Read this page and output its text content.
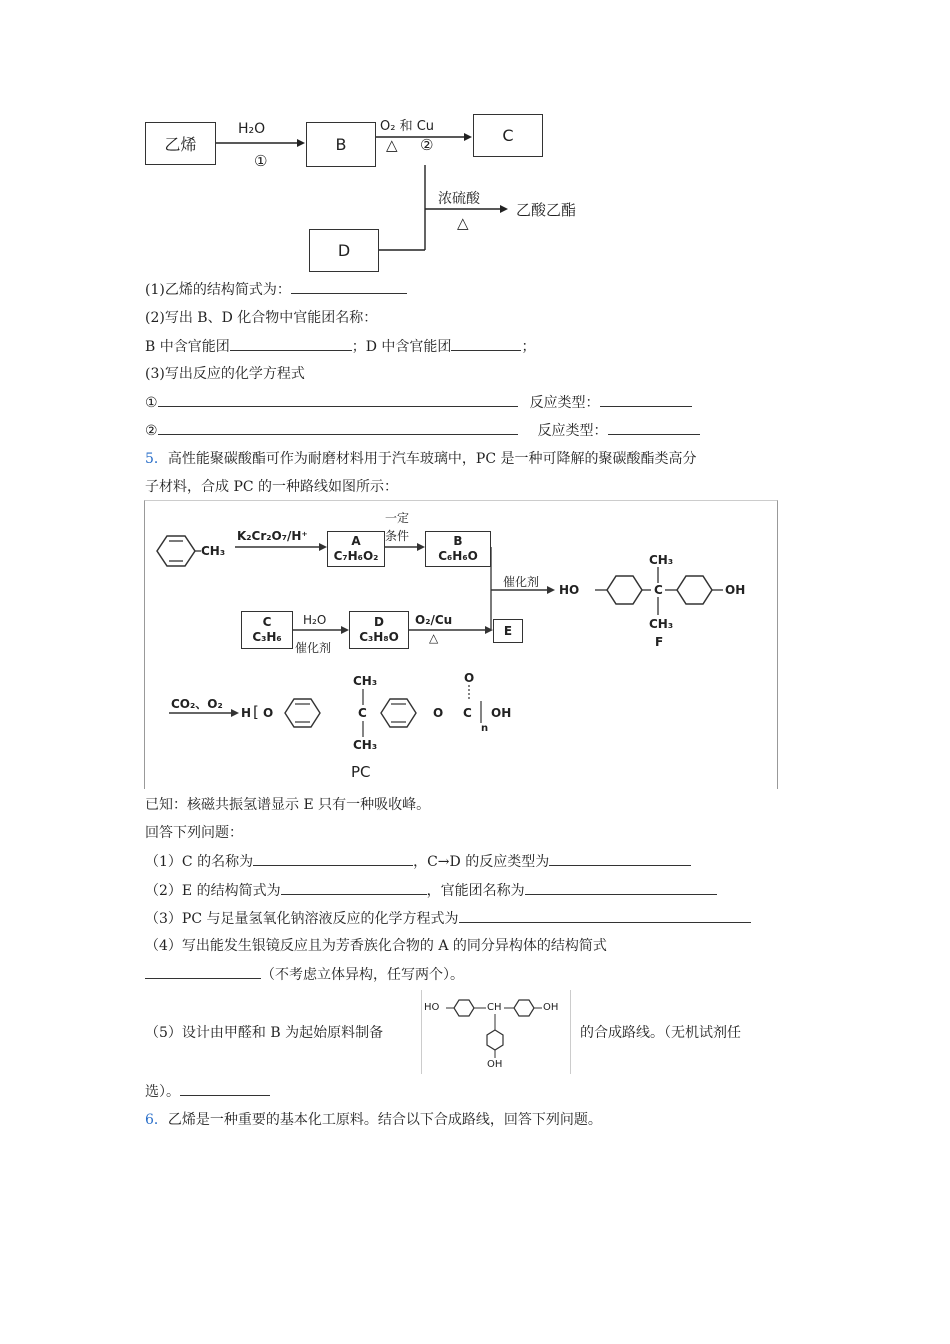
乙烯	B	C
D
H₂O
①
O₂ 和 Cu
△ ②
浓硫酸
△
乙酸乙酯
(1)乙烯的结构简式为：
(2)写出 B、D 化合物中官能团名称：
B 中含官能团	；D 中含官能团	；
(3)写出反应的化学方程式
①	反应类型：
②	反应类型：
5．高性能聚碳酸酯可作为耐磨材料用于汽车玻璃中，PC 是一种可降解的聚碳酸酯类高分
子材料，合成 PC 的一种路线如图所示：
CH₃
K₂Cr₂O₇/H⁺	A
C₇H₆O₂
一定
条件	B
C₆H₆O
催化剂
HO
CH₃
C
CH₃
OH
F
C
C₃H₆
H₂O
催化剂
D
C₃H₈O
O₂/Cu
△
E
CO₂、O₂
H [ O
CH₃
C
CH₃
O
O
C OH
n
PC
已知：核磁共振氢谱显示 E 只有一种吸收峰。
回答下列问题：
（1）C 的名称为	，C→D 的反应类型为
（2）E 的结构简式为	，官能团名称为
（3）PC 与足量氢氧化钠溶液反应的化学方程式为
（4）写出能发生银镜反应且为芳香族化合物的 A 的同分异构体的结构简式
（不考虑立体异构，任写两个）。
（5）设计由甲醛和 B 为起始原料制备
HO	CH	OH
OH
的合成路线。（无机试剂任
选）。
6．乙烯是一种重要的基本化工原料。结合以下合成路线，回答下列问题。
